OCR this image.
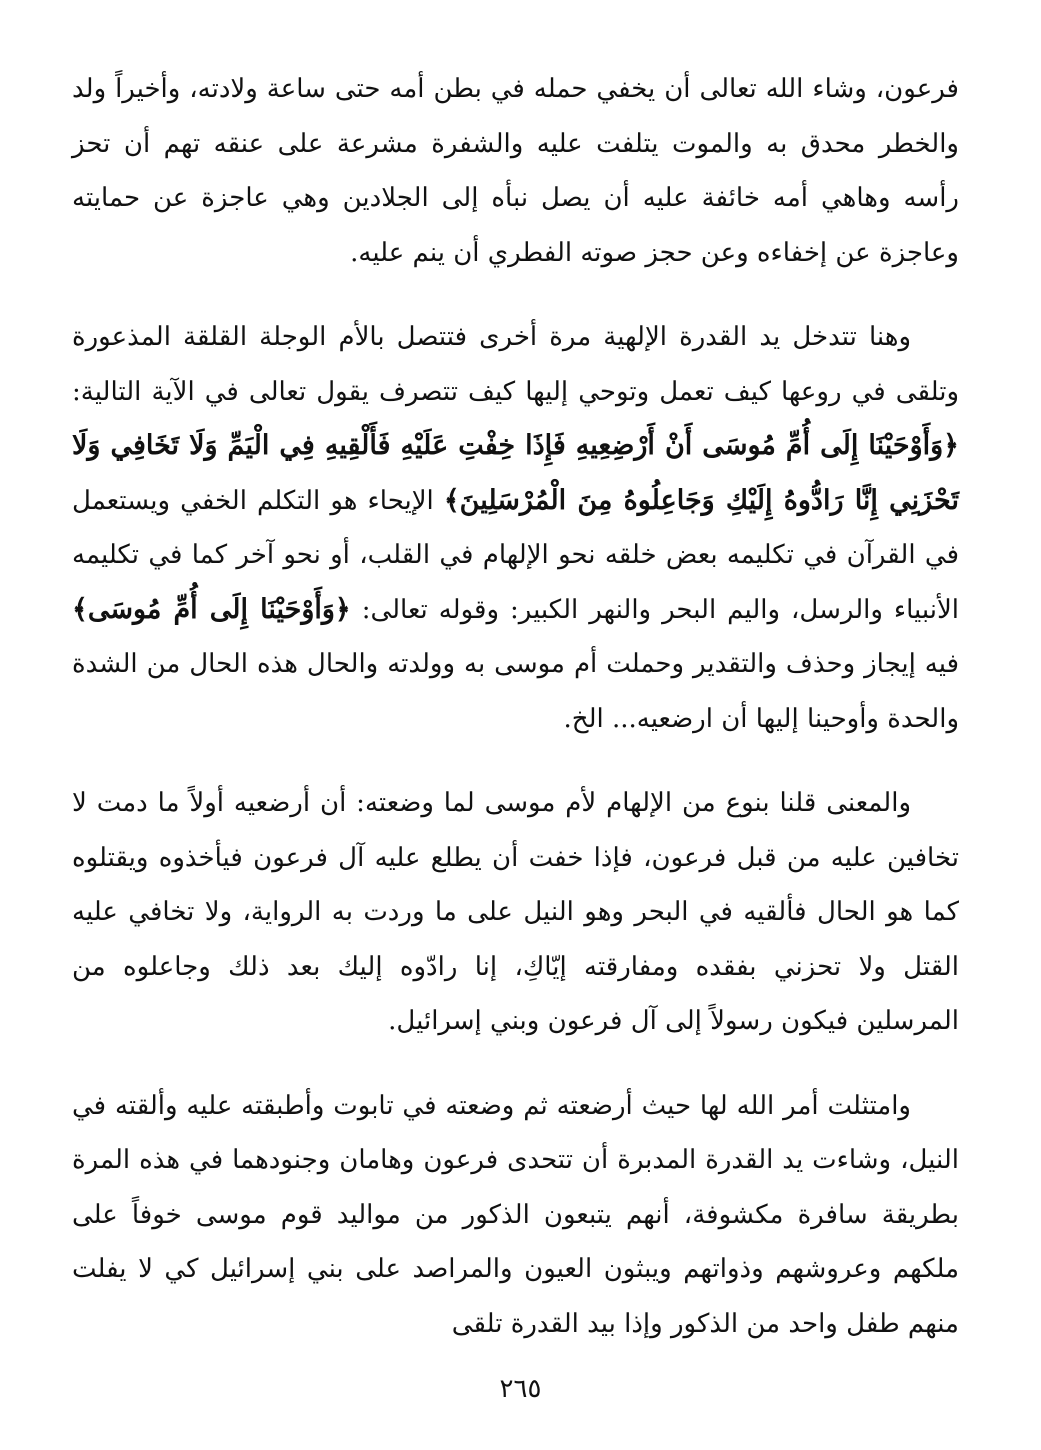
فرعون، وشاء الله تعالى أن يخفي حمله في بطن أمه حتى ساعة ولادته، وأخيراً ولد والخطر محدق به والموت يتلفت عليه والشفرة مشرعة على عنقه تهم أن تحز رأسه وهاهي أمه خائفة عليه أن يصل نبأه إلى الجلادين وهي عاجزة عن حمايته وعاجزة عن إخفاءه وعن حجز صوته الفطري أن ينم عليه.

وهنا تتدخل يد القدرة الإلهية مرة أخرى فتتصل بالأم الوجلة القلقة المذعورة وتلقى في روعها كيف تعمل وتوحي إليها كيف تتصرف يقول تعالى في الآية التالية: ﴿وَأَوْحَيْنَا إِلَى أُمِّ مُوسَى أَنْ أَرْضِعِيهِ فَإِذَا خِفْتِ عَلَيْهِ فَأَلْقِيهِ فِي الْيَمِّ وَلَا تَخَافِي وَلَا تَحْزَنِي إِنَّا رَادُّوهُ إِلَيْكِ وَجَاعِلُوهُ مِنَ الْمُرْسَلِينَ﴾ الإيحاء هو التكلم الخفي ويستعمل في القرآن في تكليمه بعض خلقه نحو الإلهام في القلب، أو نحو آخر كما في تكليمه الأنبياء والرسل، واليم البحر والنهر الكبير: وقوله تعالى: ﴿وَأَوْحَيْنَا إِلَى أُمِّ مُوسَى﴾ فيه إيجاز وحذف والتقدير وحملت أم موسى به وولدته والحال هذه الحال من الشدة والحدة وأوحينا إليها أن ارضعيه... الخ.

والمعنى قلنا بنوع من الإلهام لأم موسى لما وضعته: أن أرضعيه أولاً ما دمت لا تخافين عليه من قبل فرعون، فإذا خفت أن يطلع عليه آل فرعون فيأخذوه ويقتلوه كما هو الحال فألقيه في البحر وهو النيل على ما وردت به الرواية، ولا تخافي عليه القتل ولا تحزني بفقده ومفارقته إيّاكِ، إنا رادّوه إليك بعد ذلك وجاعلوه من المرسلين فيكون رسولاً إلى آل فرعون وبني إسرائيل.

وامتثلت أمر الله لها حيث أرضعته ثم وضعته في تابوت وأطبقته عليه وألقته في النيل، وشاءت يد القدرة المدبرة أن تتحدى فرعون وهامان وجنودهما في هذه المرة بطريقة سافرة مكشوفة، أنهم يتبعون الذكور من مواليد قوم موسى خوفاً على ملكهم وعروشهم وذواتهم ويبثون العيون والمراصد على بني إسرائيل كي لا يفلت منهم طفل واحد من الذكور وإذا بيد القدرة تلقى

٢٦٥
